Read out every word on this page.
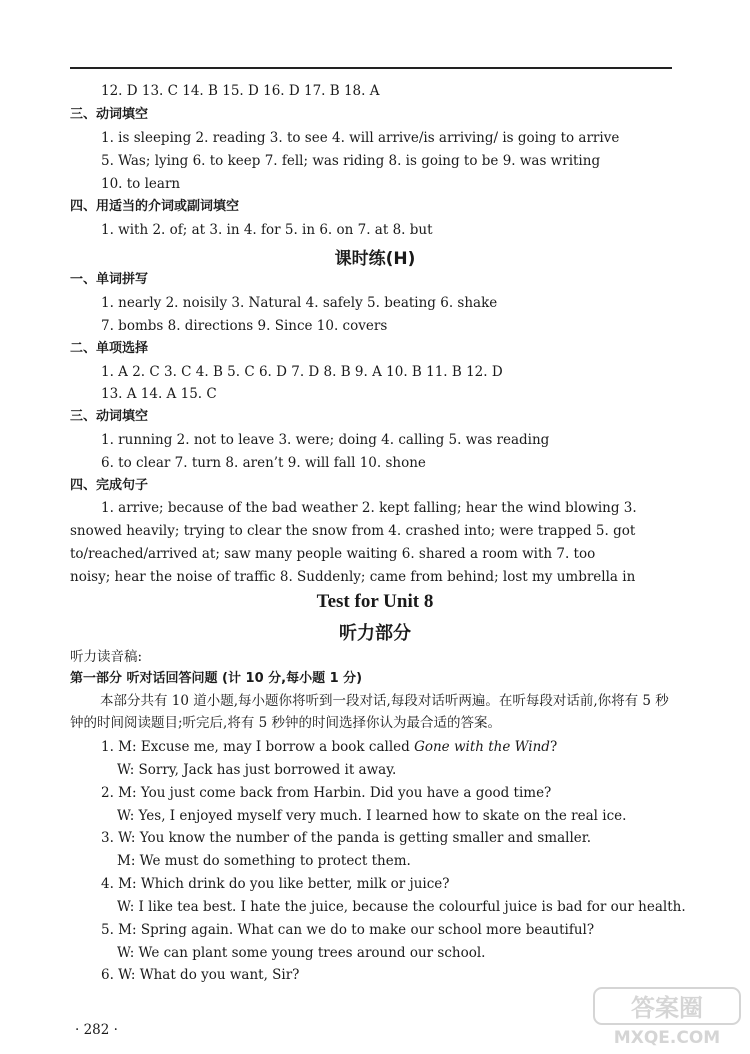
12. D 13. C 14. B 15. D 16. D 17. B 18. A
三、动词填空
1. is sleeping 2. reading 3. to see 4. will arrive/is arriving/ is going to arrive
5. Was; lying 6. to keep 7. fell; was riding 8. is going to be 9. was writing
10. to learn
四、用适当的介词或副词填空
1. with 2. of; at 3. in 4. for 5. in 6. on 7. at 8. but
课时练(H)
一、单词拼写
1. nearly 2. noisily 3. Natural 4. safely 5. beating 6. shake
7. bombs 8. directions 9. Since 10. covers
二、单项选择
1. A 2. C 3. C 4. B 5. C 6. D 7. D 8. B 9. A 10. B 11. B 12. D
13. A 14. A 15. C
三、动词填空
1. running 2. not to leave 3. were; doing 4. calling 5. was reading
6. to clear 7. turn 8. aren’t 9. will fall 10. shone
四、完成句子
1. arrive; because of the bad weather 2. kept falling; hear the wind blowing 3.
snowed heavily; trying to clear the snow from 4. crashed into; were trapped 5. got
to/reached/arrived at; saw many people waiting 6. shared a room with 7. too
noisy; hear the noise of traffic 8. Suddenly; came from behind; lost my umbrella in
Test for Unit 8
听力部分
听力读音稿:
第一部分 听对话回答问题 (计 10 分,每小题 1 分)
本部分共有 10 道小题,每小题你将听到一段对话,每段对话听两遍。在听每段对话前,你将有 5 秒钟的时间阅读题目;听完后,将有 5 秒钟的时间选择你认为最合适的答案。
1. M: Excuse me, may I borrow a book called Gone with the Wind?
W: Sorry, Jack has just borrowed it away.
2. M: You just come back from Harbin. Did you have a good time?
W: Yes, I enjoyed myself very much. I learned how to skate on the real ice.
3. W: You know the number of the panda is getting smaller and smaller.
M: We must do something to protect them.
4. M: Which drink do you like better, milk or juice?
W: I like tea best. I hate the juice, because the colourful juice is bad for our health.
5. M: Spring again. What can we do to make our school more beautiful?
W: We can plant some young trees around our school.
6. W: What do you want, Sir?
· 282 ·
答案圈
MXQE.COM
